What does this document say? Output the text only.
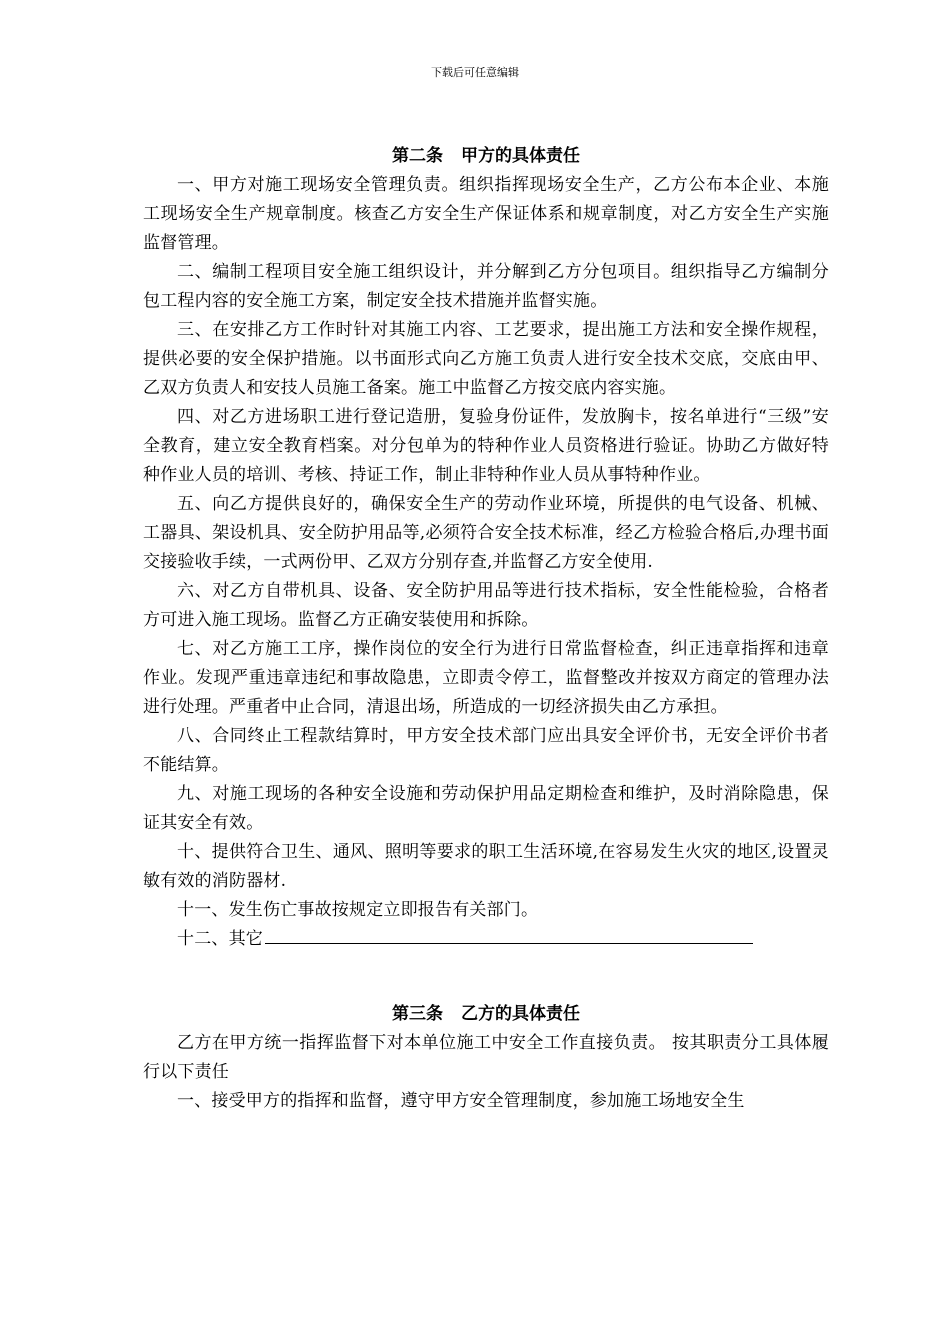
下载后可任意编辑
第二条 甲方的具体责任

一、甲方对施工现场安全管理负责。组织指挥现场安全生产，乙方公布本企业、本施工现场安全生产规章制度。核查乙方安全生产保证体系和规章制度，对乙方安全生产实施监督管理。

二、编制工程项目安全施工组织设计，并分解到乙方分包项目。组织指导乙方编制分包工程内容的安全施工方案，制定安全技术措施并监督实施。

三、在安排乙方工作时针对其施工内容、工艺要求，提出施工方法和安全操作规程，提供必要的安全保护措施。以书面形式向乙方施工负责人进行安全技术交底，交底由甲、乙双方负责人和安技人员施工备案。施工中监督乙方按交底内容实施。

四、对乙方进场职工进行登记造册，复验身份证件，发放胸卡，按名单进行“三级”安全教育，建立安全教育档案。对分包单为的特种作业人员资格进行验证。协助乙方做好特种作业人员的培训、考核、持证工作，制止非特种作业人员从事特种作业。

五、向乙方提供良好的，确保安全生产的劳动作业环境，所提供的电气设备、机械、工器具、架设机具、安全防护用品等,必须符合安全技术标准，经乙方检验合格后,办理书面交接验收手续，一式两份甲、乙双方分别存查,并监督乙方安全使用.

六、对乙方自带机具、设备、安全防护用品等进行技术指标，安全性能检验，合格者方可进入施工现场。监督乙方正确安装使用和拆除。

七、对乙方施工工序，操作岗位的安全行为进行日常监督检查，纠正违章指挥和违章作业。发现严重违章违纪和事故隐患，立即责令停工，监督整改并按双方商定的管理办法进行处理。严重者中止合同，清退出场，所造成的一切经济损失由乙方承担。

八、合同终止工程款结算时，甲方安全技术部门应出具安全评价书，无安全评价书者不能结算。

九、对施工现场的各种安全设施和劳动保护用品定期检查和维护，及时消除隐患，保证其安全有效。

十、提供符合卫生、通风、照明等要求的职工生活环境,在容易发生火灾的地区,设置灵敏有效的消防器材.

十一、发生伤亡事故按规定立即报告有关部门。

十二、其它

第三条 乙方的具体责任

乙方在甲方统一指挥监督下对本单位施工中安全工作直接负责。 按其职责分工具体履行以下责任

一、接受甲方的指挥和监督，遵守甲方安全管理制度，参加施工场地安全生
